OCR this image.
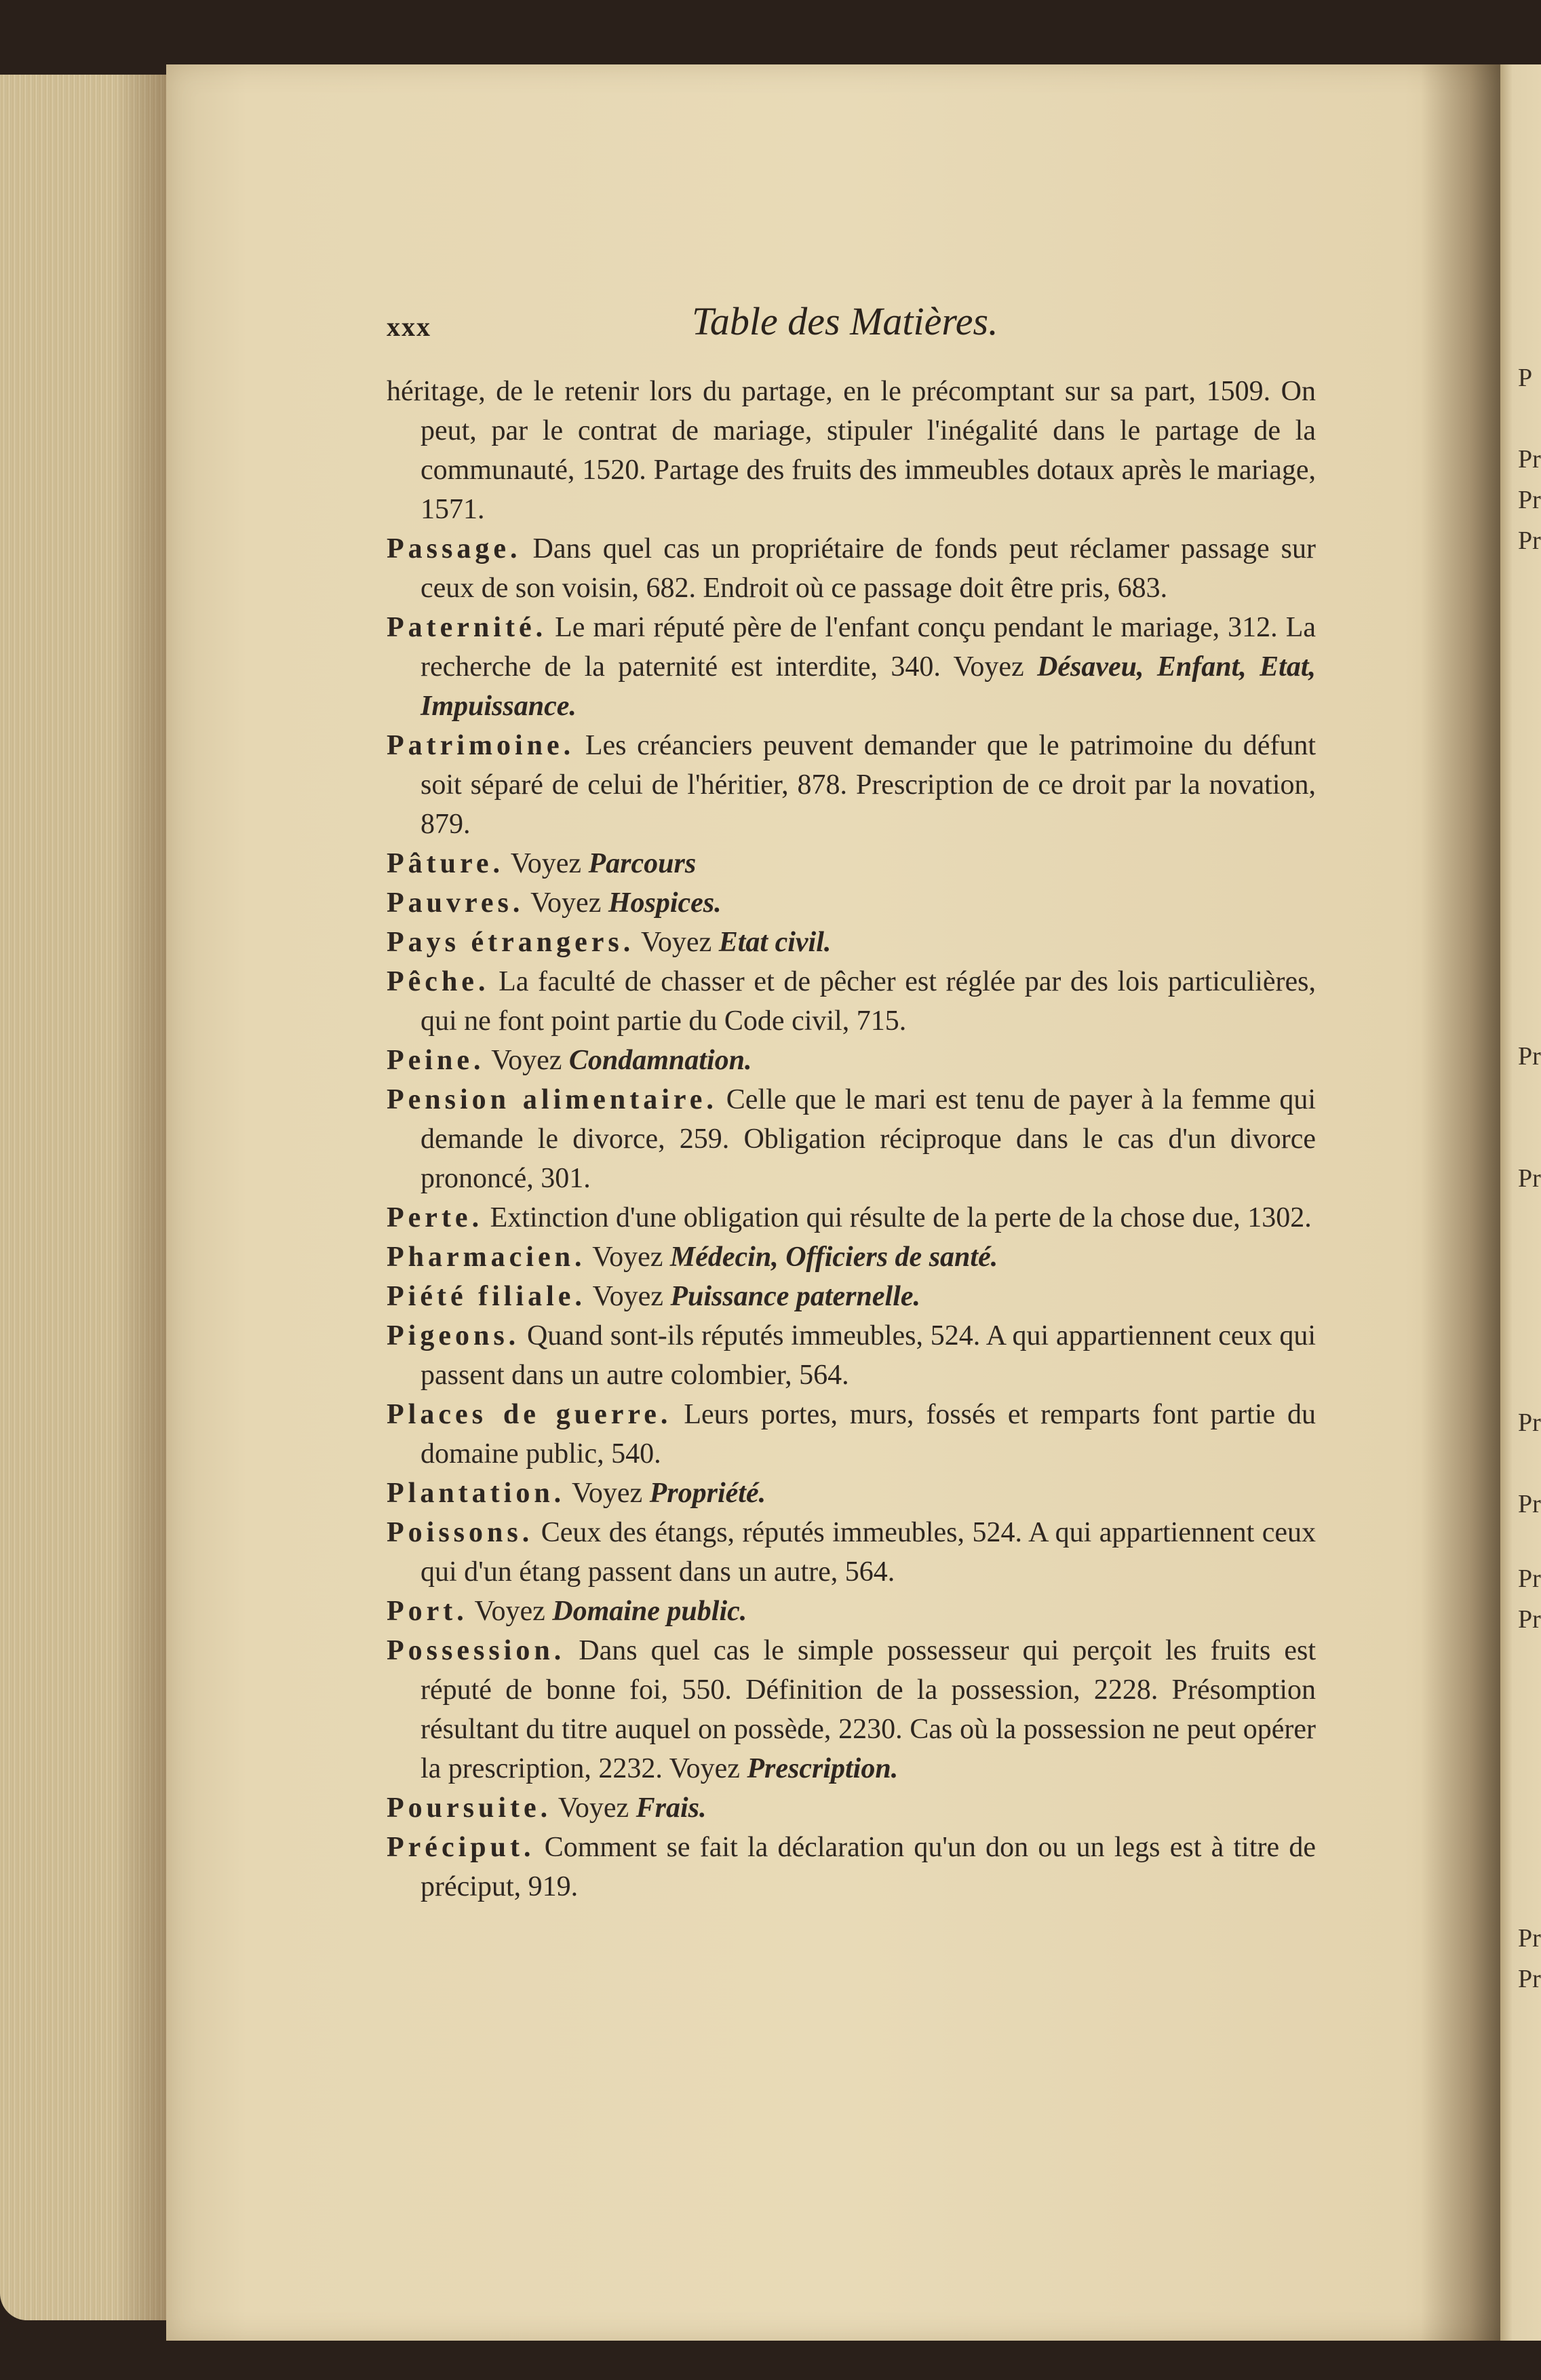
P
Pr
Pr
Pr
Pr
Pr
Pr
Pr
Pr
Pr
Pr
Pr
xxx	Table des Matières.
héritage, de le retenir lors du partage, en le précomptant sur sa part, 1509. On peut, par le contrat de mariage, stipuler l'inégalité dans le partage de la communauté, 1520. Partage des fruits des immeubles dotaux après le mariage, 1571.
Passage. Dans quel cas un propriétaire de fonds peut réclamer passage sur ceux de son voisin, 682. Endroit où ce passage doit être pris, 683.
Paternité. Le mari réputé père de l'enfant conçu pendant le mariage, 312. La recherche de la paternité est interdite, 340. Voyez Désaveu, Enfant, Etat, Impuissance.
Patrimoine. Les créanciers peuvent demander que le patrimoine du défunt soit séparé de celui de l'héritier, 878. Prescription de ce droit par la novation, 879.
Pâture. Voyez Parcours
Pauvres. Voyez Hospices.
Pays étrangers. Voyez Etat civil.
Pêche. La faculté de chasser et de pêcher est réglée par des lois particulières, qui ne font point partie du Code civil, 715.
Peine. Voyez Condamnation.
Pension alimentaire. Celle que le mari est tenu de payer à la femme qui demande le divorce, 259. Obligation réciproque dans le cas d'un divorce prononcé, 301.
Perte. Extinction d'une obligation qui résulte de la perte de la chose due, 1302.
Pharmacien. Voyez Médecin, Officiers de santé.
Piété filiale. Voyez Puissance paternelle.
Pigeons. Quand sont-ils réputés immeubles, 524. A qui appartiennent ceux qui passent dans un autre colombier, 564.
Places de guerre. Leurs portes, murs, fossés et remparts font partie du domaine public, 540.
Plantation. Voyez Propriété.
Poissons. Ceux des étangs, réputés immeubles, 524. A qui appartiennent ceux qui d'un étang passent dans un autre, 564.
Port. Voyez Domaine public.
Possession. Dans quel cas le simple possesseur qui perçoit les fruits est réputé de bonne foi, 550. Définition de la possession, 2228. Présomption résultant du titre auquel on possède, 2230. Cas où la possession ne peut opérer la prescription, 2232. Voyez Prescription.
Poursuite. Voyez Frais.
Préciput. Comment se fait la déclaration qu'un don ou un legs est à titre de préciput, 919.
